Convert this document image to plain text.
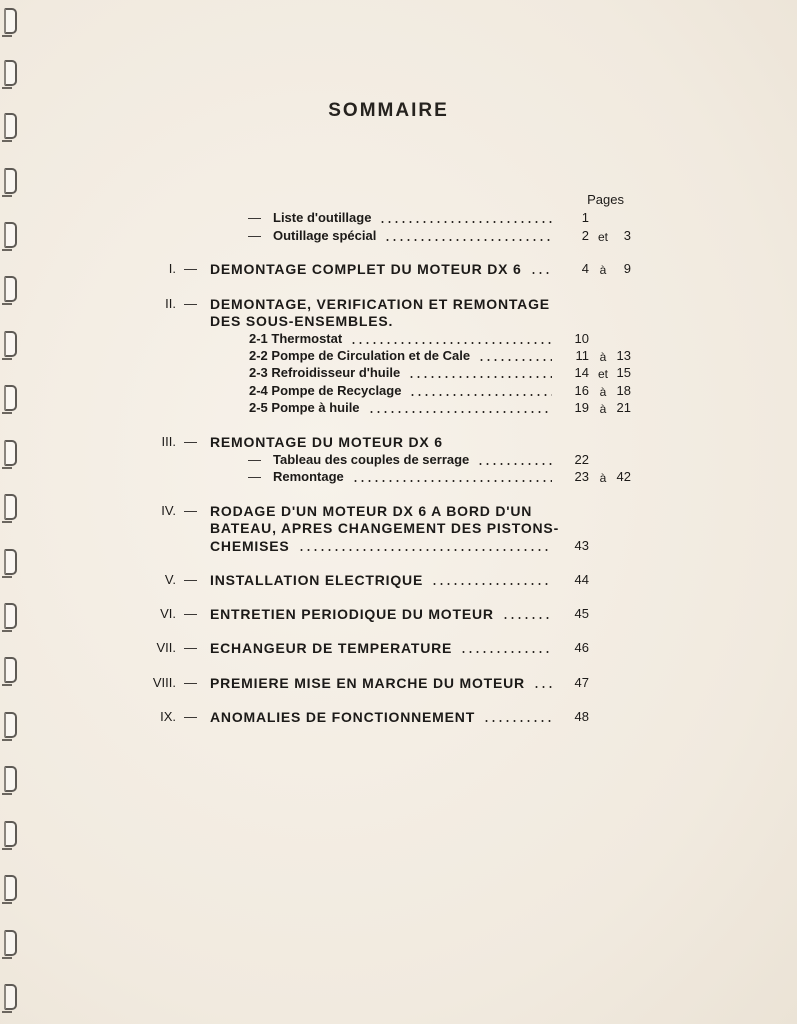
SOMMAIRE
Pages
— Liste d'outillage	1
— Outillage spécial	2 et	3
I. — DEMONTAGE COMPLET DU MOTEUR DX 6	4 à	9
II. — DEMONTAGE, VERIFICATION ET REMONTAGE
DES SOUS-ENSEMBLES.
2-1 Thermostat	10
2-2 Pompe de Circulation et de Cale	11 à 13
2-3 Refroidisseur d'huile	14 et 15
2-4 Pompe de Recyclage	16 à 18
2-5 Pompe à huile	19 à 21
III. — REMONTAGE DU MOTEUR DX 6
— Tableau des couples de serrage	22
— Remontage	23 à 42
IV. — RODAGE D'UN MOTEUR DX 6 A BORD D'UN
BATEAU, APRES CHANGEMENT DES PISTONS-
CHEMISES	43
V. — INSTALLATION ELECTRIQUE	44
VI. — ENTRETIEN PERIODIQUE DU MOTEUR	45
VII. — ECHANGEUR DE TEMPERATURE	46
VIII. — PREMIERE MISE EN MARCHE DU MOTEUR	47
IX. — ANOMALIES DE FONCTIONNEMENT	48
